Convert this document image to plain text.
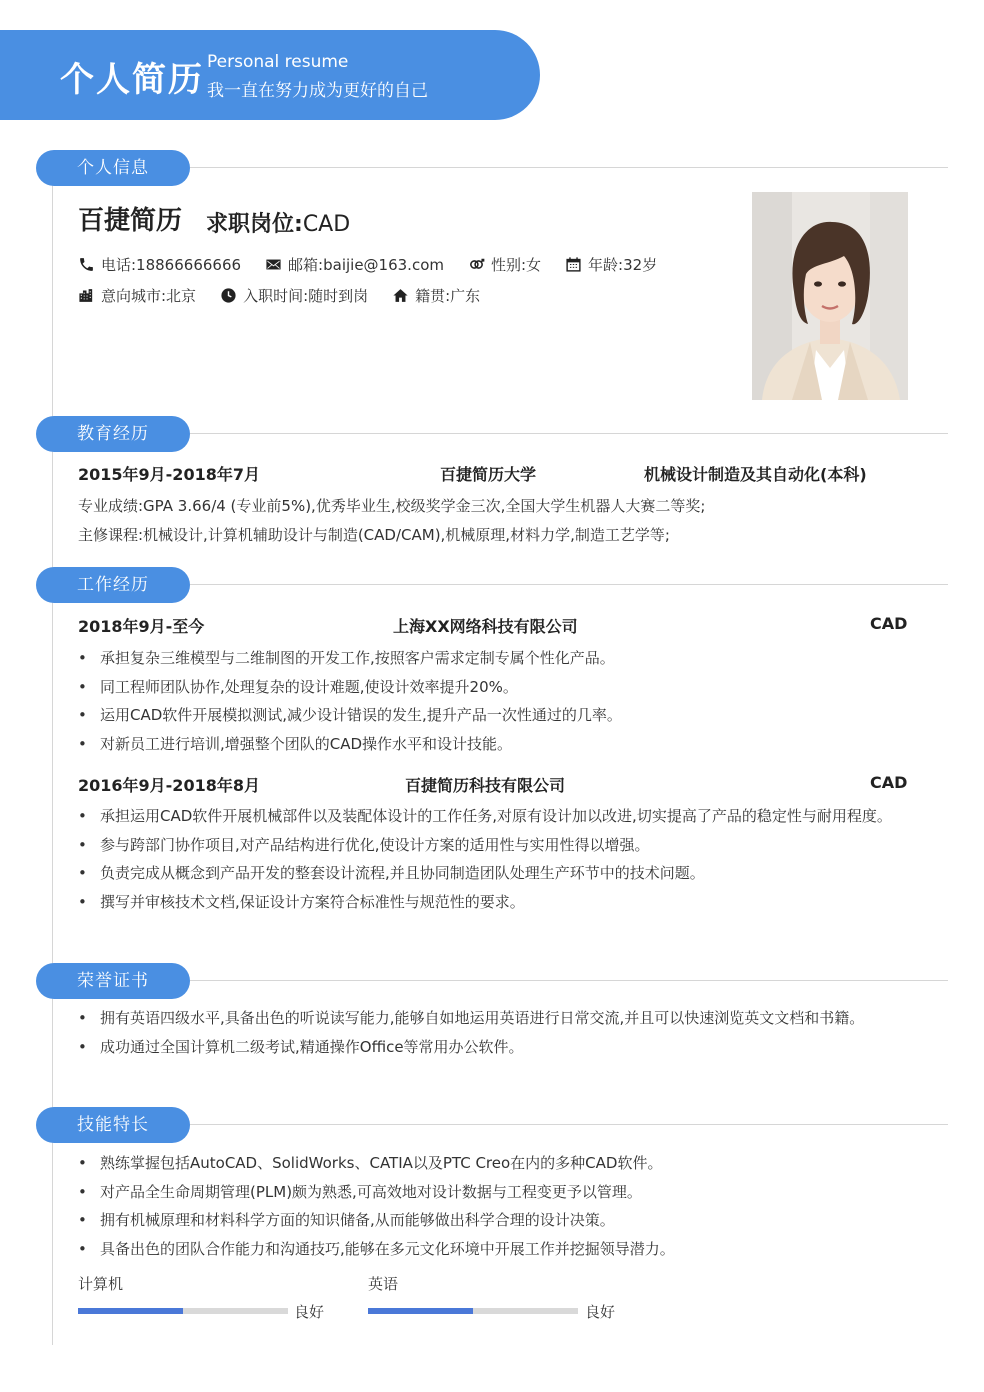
个人简历 Personal resume
我一直在努力成为更好的自己
个人信息
百捷简历 求职岗位:CAD
电话:18866666666	邮箱:baijie@163.com	性别:女	年龄:32岁
意向城市:北京	入职时间:随时到岗	籍贯:广东
教育经历
2015年9月-2018年7月	百捷简历大学	机械设计制造及其自动化(本科)
专业成绩:GPA 3.66/4 (专业前5%),优秀毕业生,校级奖学金三次,全国大学生机器人大赛二等奖;
主修课程:机械设计,计算机辅助设计与制造(CAD/CAM),机械原理,材料力学,制造工艺学等;
工作经历
2018年9月-至今	上海XX网络科技有限公司	CAD
• 承担复杂三维模型与二维制图的开发工作,按照客户需求定制专属个性化产品。
• 同工程师团队协作,处理复杂的设计难题,使设计效率提升20%。
• 运用CAD软件开展模拟测试,减少设计错误的发生,提升产品一次性通过的几率。
• 对新员工进行培训,增强整个团队的CAD操作水平和设计技能。
2016年9月-2018年8月	百捷简历科技有限公司	CAD
• 承担运用CAD软件开展机械部件以及装配体设计的工作任务,对原有设计加以改进,切实提高了产品的稳定性与耐用程度。
• 参与跨部门协作项目,对产品结构进行优化,使设计方案的适用性与实用性得以增强。
• 负责完成从概念到产品开发的整套设计流程,并且协同制造团队处理生产环节中的技术问题。
• 撰写并审核技术文档,保证设计方案符合标准性与规范性的要求。
荣誉证书
• 拥有英语四级水平,具备出色的听说读写能力,能够自如地运用英语进行日常交流,并且可以快速浏览英文文档和书籍。
• 成功通过全国计算机二级考试,精通操作Office等常用办公软件。
技能特长
• 熟练掌握包括AutoCAD、SolidWorks、CATIA以及PTC Creo在内的多种CAD软件。
• 对产品全生命周期管理(PLM)颇为熟悉,可高效地对设计数据与工程变更予以管理。
• 拥有机械原理和材料科学方面的知识储备,从而能够做出科学合理的设计决策。
• 具备出色的团队合作能力和沟通技巧,能够在多元文化环境中开展工作并挖掘领导潜力。
计算机
良好
英语
良好
